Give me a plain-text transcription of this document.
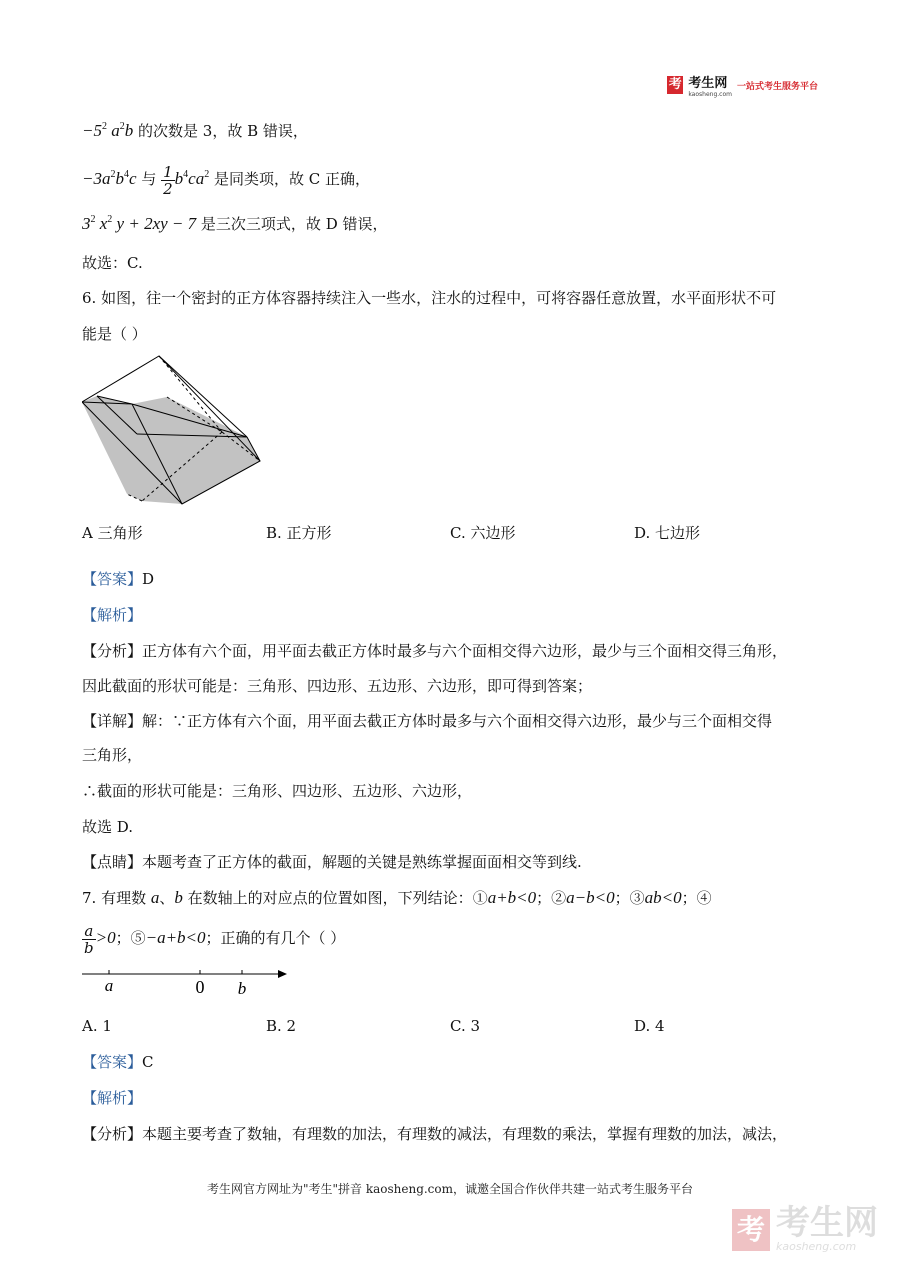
考 考生网
kaosheng.com
一站式考生服务平台
$-5^2$ $a^2b$ 的次数是 3，故 B 错误，
$-3a^2b^4c$ 与 $\frac{1}{2} b^4ca^2$ 是同类项，故 C 正确，
$3^2$ $x^2$ y + 2xy − 7 是三次三项式，故 D 错误，
故选：C.
6. 如图，往一个密封的正方体容器持续注入一些水，注水的过程中，可将容器任意放置，水平面形状不可
能是（ ）
A 三角形	B. 正方形	C. 六边形	D. 七边形
【答案】D
【解析】
【分析】正方体有六个面，用平面去截正方体时最多与六个面相交得六边形，最少与三个面相交得三角形，
因此截面的形状可能是：三角形、四边形、五边形、六边形，即可得到答案；
【详解】解：∵正方体有六个面，用平面去截正方体时最多与六个面相交得六边形，最少与三个面相交得
三角形，
∴截面的形状可能是：三角形、四边形、五边形、六边形，
故选 D.
【点睛】本题考查了正方体的截面，解题的关键是熟练掌握面面相交等到线.
7. 有理数 a、b 在数轴上的对应点的位置如图，下列结论：①a+b<0；②a−b<0；③ab<0；④
$\frac{a}{b} >0$；⑤−a+b<0；正确的有几个（ ）
a	0 b
A. 1	B. 2	C. 3	D. 4
【答案】C
【解析】
【分析】本题主要考查了数轴，有理数的加法，有理数的减法，有理数的乘法，掌握有理数的加法，减法，
考生网官方网址为"考生"拼音 kaosheng.com，诚邀全国合作伙伴共建一站式考生服务平台
考 考生网
kaosheng.com
